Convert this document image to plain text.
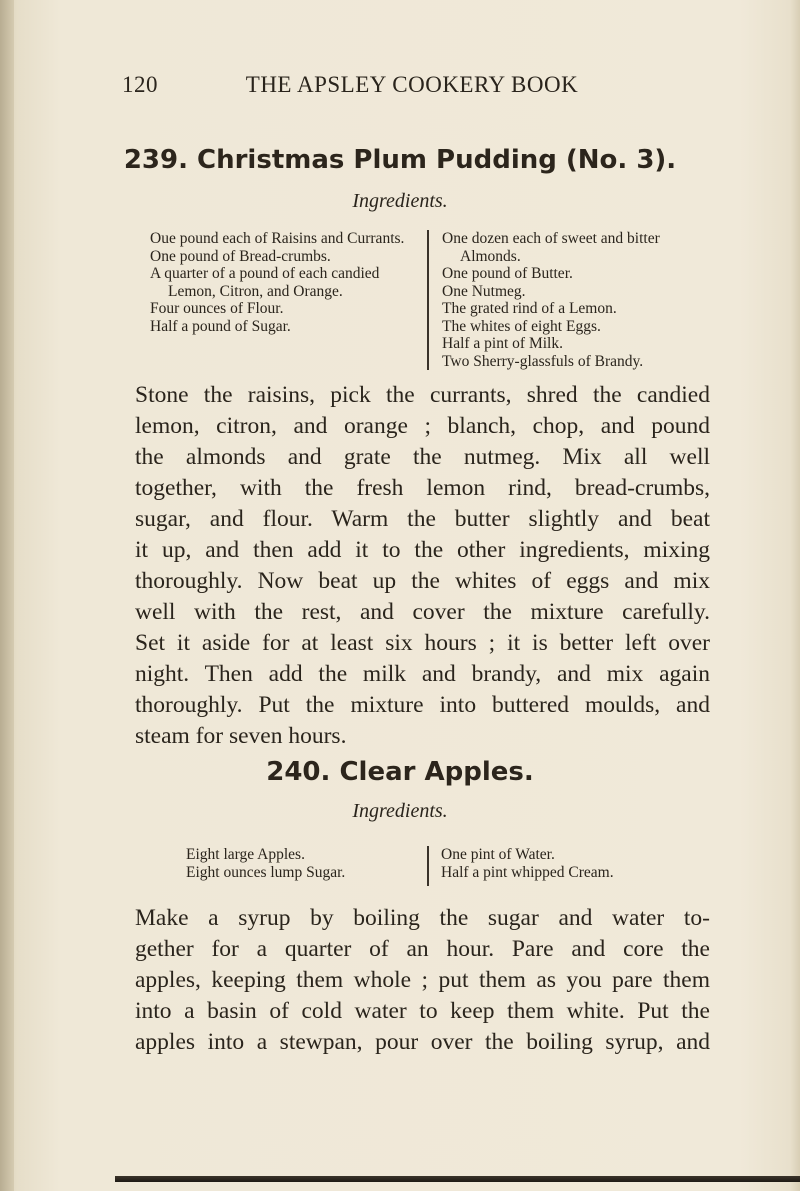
120	THE APSLEY COOKERY BOOK
239. Christmas Plum Pudding (No. 3).
Ingredients.
Oue pound each of Raisins and Currants.
One pound of Bread-crumbs.
A quarter of a pound of each candied Lemon, Citron, and Orange.
Four ounces of Flour.
Half a pound of Sugar.
One dozen each of sweet and bitter Almonds.
One pound of Butter.
One Nutmeg.
The grated rind of a Lemon.
The whites of eight Eggs.
Half a pint of Milk.
Two Sherry-glassfuls of Brandy.
Stone the raisins, pick the currants, shred the candied
lemon, citron, and orange ; blanch, chop, and pound
the almonds and grate the nutmeg. Mix all well
together, with the fresh lemon rind, bread-crumbs,
sugar, and flour. Warm the butter slightly and beat
it up, and then add it to the other ingredients, mixing
thoroughly. Now beat up the whites of eggs and mix
well with the rest, and cover the mixture carefully.
Set it aside for at least six hours ; it is better left over
night. Then add the milk and brandy, and mix again
thoroughly. Put the mixture into buttered moulds, and
steam for seven hours.
240. Clear Apples.
Ingredients.
Eight large Apples.
Eight ounces lump Sugar.
One pint of Water.
Half a pint whipped Cream.
Make a syrup by boiling the sugar and water to-
gether for a quarter of an hour. Pare and core the
apples, keeping them whole ; put them as you pare them
into a basin of cold water to keep them white. Put the
apples into a stewpan, pour over the boiling syrup, and
